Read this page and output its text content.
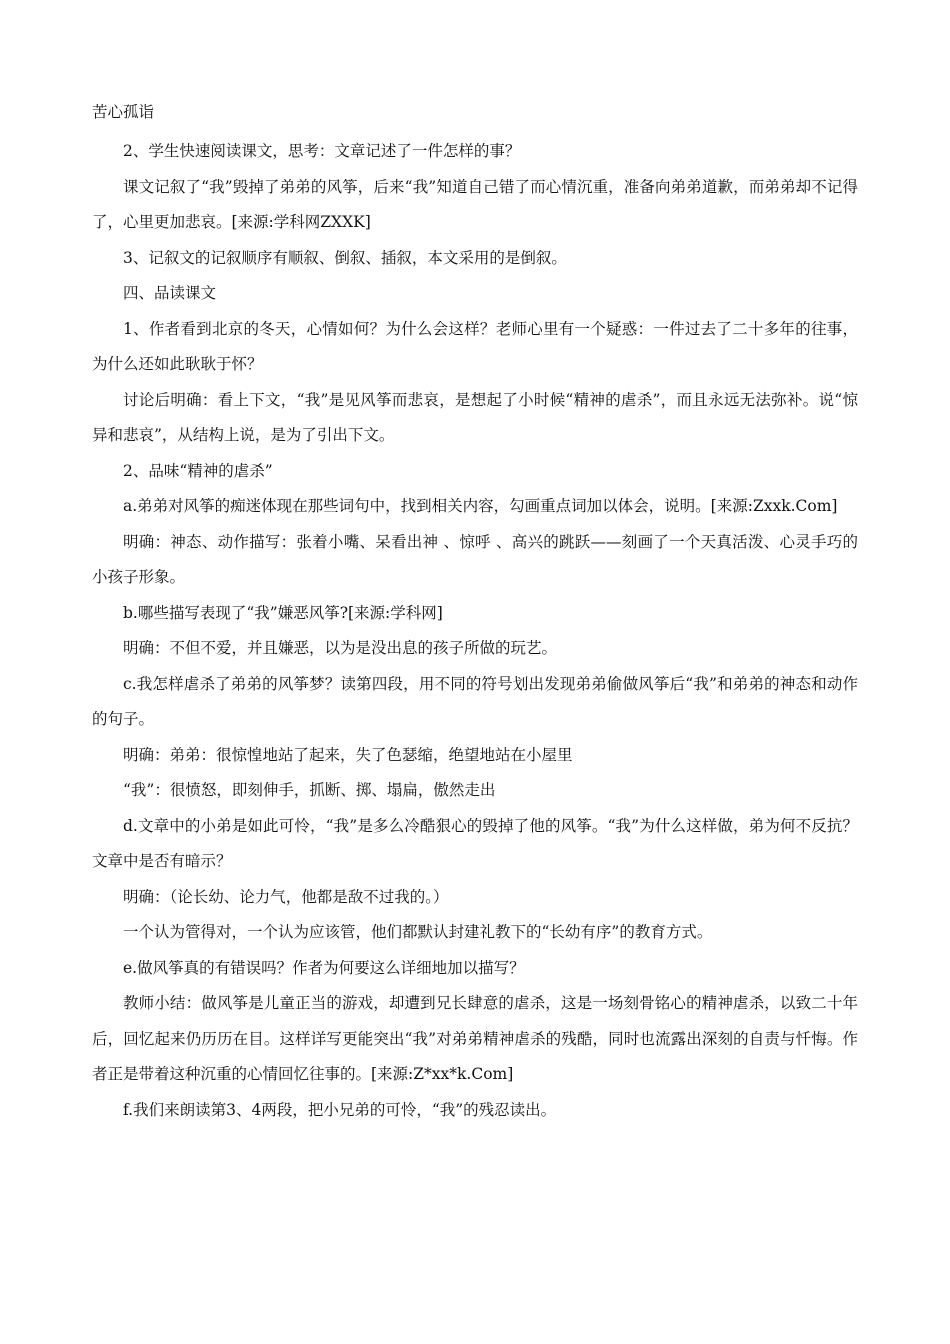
苦心孤诣

2、学生快速阅读课文，思考：文章记述了一件怎样的事？

课文记叙了“我”毁掉了弟弟的风筝，后来“我”知道自己错了而心情沉重，准备向弟弟道歉，而弟弟却不记得了，心里更加悲哀。[来源:学科网ZXXK]

3、记叙文的记叙顺序有顺叙、倒叙、插叙，本文采用的是倒叙。

四、品读课文

1、作者看到北京的冬天，心情如何？为什么会这样？老师心里有一个疑惑：一件过去了二十多年的往事，为什么还如此耿耿于怀？

讨论后明确：看上下文，“我”是见风筝而悲哀，是想起了小时候“精神的虐杀”，而且永远无法弥补。说“惊异和悲哀”，从结构上说，是为了引出下文。

2、品味“精神的虐杀”

a.弟弟对风筝的痴迷体现在那些词句中，找到相关内容，勾画重点词加以体会，说明。[来源:Zxxk.Com]

明确：神态、动作描写：张着小嘴、呆看出神 、惊呼 、高兴的跳跃——刻画了一个天真活泼、心灵手巧的小孩子形象。

b.哪些描写表现了“我”嫌恶风筝?[来源:学科网]

明确：不但不爱，并且嫌恶，以为是没出息的孩子所做的玩艺。

c.我怎样虐杀了弟弟的风筝梦？读第四段，用不同的符号划出发现弟弟偷做风筝后“我”和弟弟的神态和动作的句子。

明确：弟弟：很惊惶地站了起来，失了色瑟缩，绝望地站在小屋里

“我”：很愤怒，即刻伸手，抓断、掷、塌扁，傲然走出

d.文章中的小弟是如此可怜，“我”是多么冷酷狠心的毁掉了他的风筝。“我”为什么这样做，弟为何不反抗？文章中是否有暗示？

明确：（论长幼、论力气，他都是敌不过我的。）

一个认为管得对，一个认为应该管，他们都默认封建礼教下的“长幼有序”的教育方式。

e.做风筝真的有错误吗？作者为何要这么详细地加以描写？

教师小结：做风筝是儿童正当的游戏，却遭到兄长肆意的虐杀，这是一场刻骨铭心的精神虐杀，以致二十年后，回忆起来仍历历在目。这样详写更能突出“我”对弟弟精神虐杀的残酷，同时也流露出深刻的自责与忏悔。作者正是带着这种沉重的心情回忆往事的。[来源:Z*xx*k.Com]

f.我们来朗读第3、4两段，把小兄弟的可怜，“我”的残忍读出。
